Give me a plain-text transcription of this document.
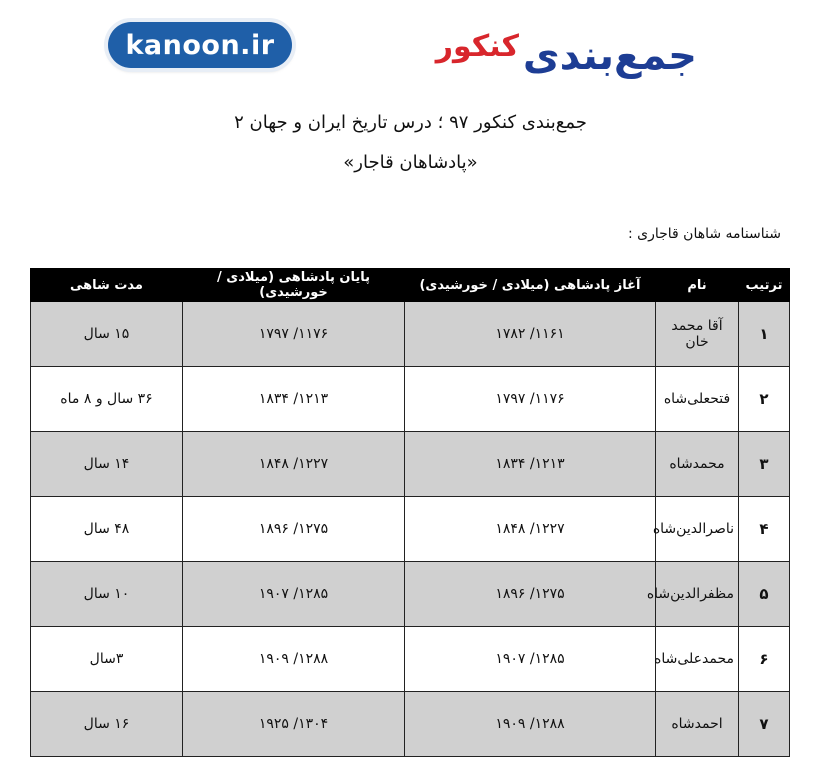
kanoon.ir	جمع‌بندی
کنکور
جمع‌بندی کنکور ۹۷ ؛ درس تاریخ ایران و جهان ۲
«پادشاهان قاجار»
شناسنامه شاهان قاجاری :
ترتیب	نام	آغاز پادشاهی (میلادی / خورشیدی)	پایان پادشاهی (میلادی / خورشیدی)	مدت شاهی
۱	آقا محمد خان	۱۱۶۱/ ۱۷۸۲	۱۱۷۶/ ۱۷۹۷	۱۵ سال
۲	فتحعلی‌شاه	۱۱۷۶/ ۱۷۹۷	۱۲۱۳/ ۱۸۳۴	۳۶ سال و ۸ ماه
۳	محمدشاه	۱۲۱۳/ ۱۸۳۴	۱۲۲۷/ ۱۸۴۸	۱۴ سال
۴	ناصرالدین‌شاه	۱۲۲۷/ ۱۸۴۸	۱۲۷۵/ ۱۸۹۶	۴۸ سال
۵	مظفرالدین‌شاه	۱۲۷۵/ ۱۸۹۶	۱۲۸۵/ ۱۹۰۷	۱۰ سال
۶	محمدعلی‌شاه	۱۲۸۵/ ۱۹۰۷	۱۲۸۸/ ۱۹۰۹	۳سال
۷	احمدشاه	۱۲۸۸/ ۱۹۰۹	۱۳۰۴/ ۱۹۲۵	۱۶ سال
